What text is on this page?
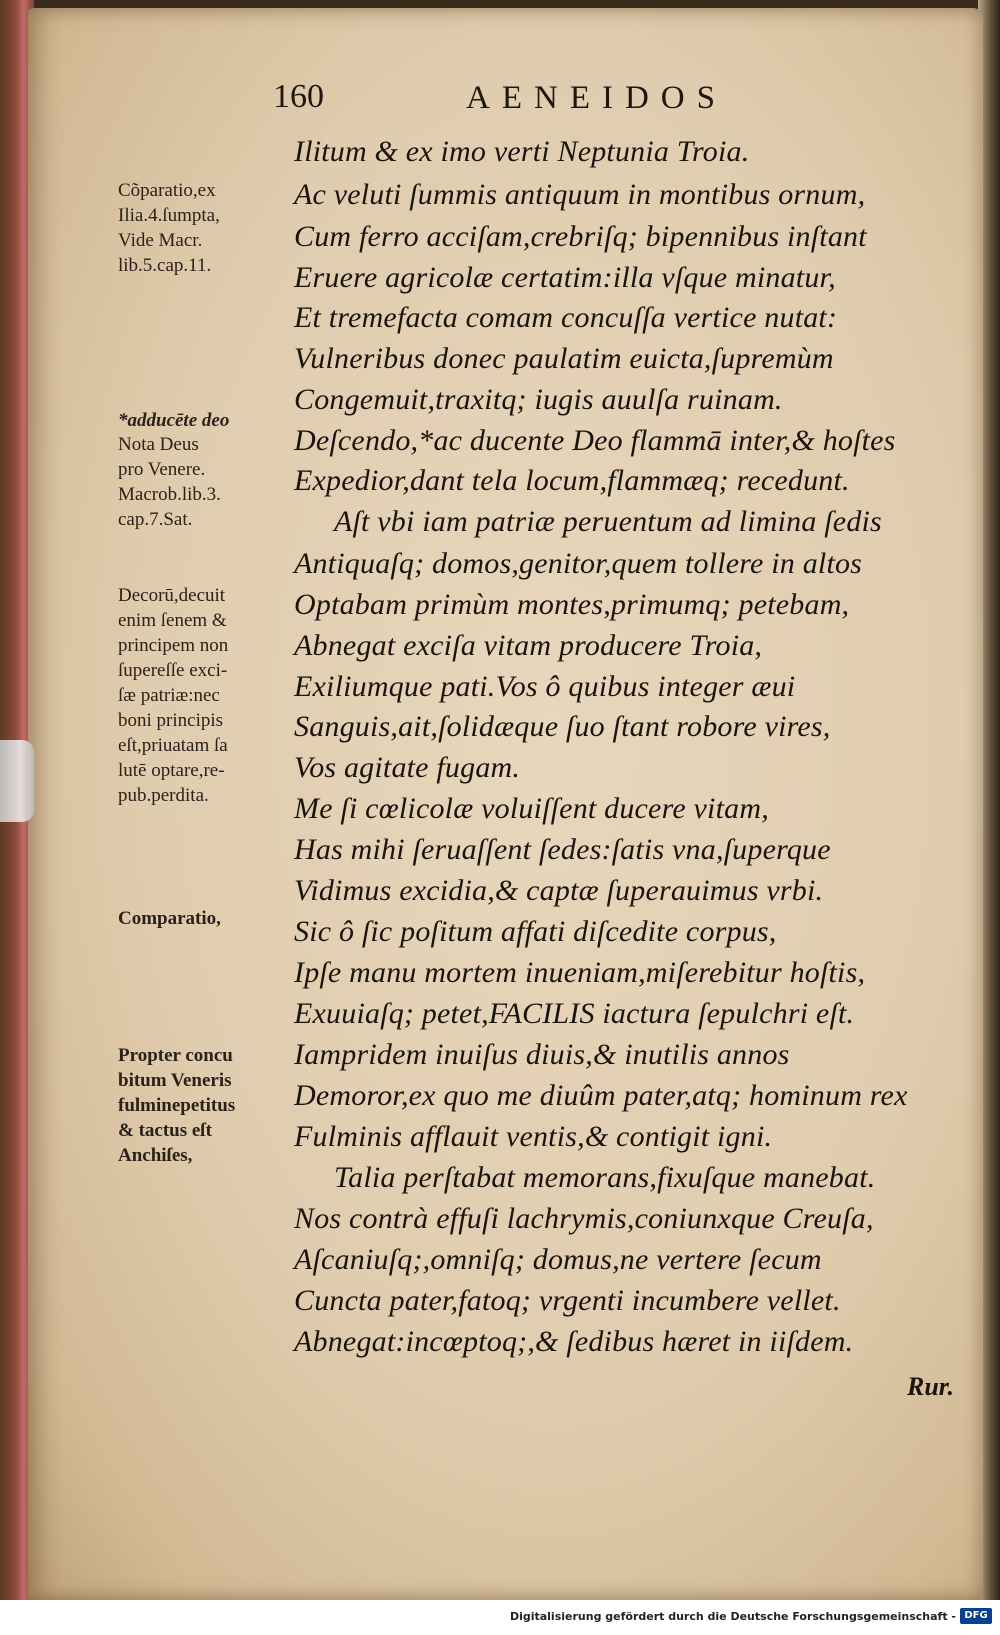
160	AENEIDOS
Cõparatio,ex
Ilia.4.ſumpta,
Vide Macr.
lib.5.cap.11.
*adducēte deo
Nota Deus
pro Venere.
Macrob.lib.3.
cap.7.Sat.
Decorū,decuit
enim ſenem &
principem non
ſupereſſe exci-
ſæ patriæ:nec
boni principis
eſt,priuatam ſa
lutē optare,re-
pub.perdita.
Comparatio,
Propter concu
bitum Veneris
fulminepetitus
& tactus eſt
Anchiſes,
Ilitum & ex imo verti Neptunia Troia.
Ac veluti ſummis antiquum in montibus ornum,
Cum ferro acciſam,crebriſq; bipennibus inſtant
Eruere agricolæ certatim:illa vſque minatur,
Et tremefacta comam concuſſa vertice nutat:
Vulneribus donec paulatim euicta,ſupremùm
Congemuit,traxitq; iugis auulſa ruinam.
Deſcendo,*ac ducente Deo flammā inter,& hoſtes
Expedior,dant tela locum,flammæq; recedunt.
Aſt vbi iam patriæ peruentum ad limina ſedis
Antiquaſq; domos,genitor,quem tollere in altos
Optabam primùm montes,primumq; petebam,
Abnegat exciſa vitam producere Troia,
Exiliumque pati.Vos ô quibus integer æui
Sanguis,ait,ſolidæque ſuo ſtant robore vires,
Vos agitate fugam.
Me ſi cœlicolæ voluiſſent ducere vitam,
Has mihi ſeruaſſent ſedes:ſatis vna,ſuperque
Vidimus excidia,& captæ ſuperauimus vrbi.
Sic ô ſic poſitum affati diſcedite corpus,
Ipſe manu mortem inueniam,miſerebitur hoſtis,
Exuuiaſq; petet,FACILIS iactura ſepulchri eſt.
Iampridem inuiſus diuis,& inutilis annos
Demoror,ex quo me diuûm pater,atq; hominum rex
Fulminis afflauit ventis,& contigit igni.
Talia perſtabat memorans,fixuſque manebat.
Nos contrà effuſi lachrymis,coniunxque Creuſa,
Aſcaniuſq;,omniſq; domus,ne vertere ſecum
Cuncta pater,fatoq; vrgenti incumbere vellet.
Abnegat:incœptoq;,& ſedibus hæret in iiſdem.
Rur.
Digitalisierung gefördert durch die Deutsche Forschungsgemeinschaft - DFG
